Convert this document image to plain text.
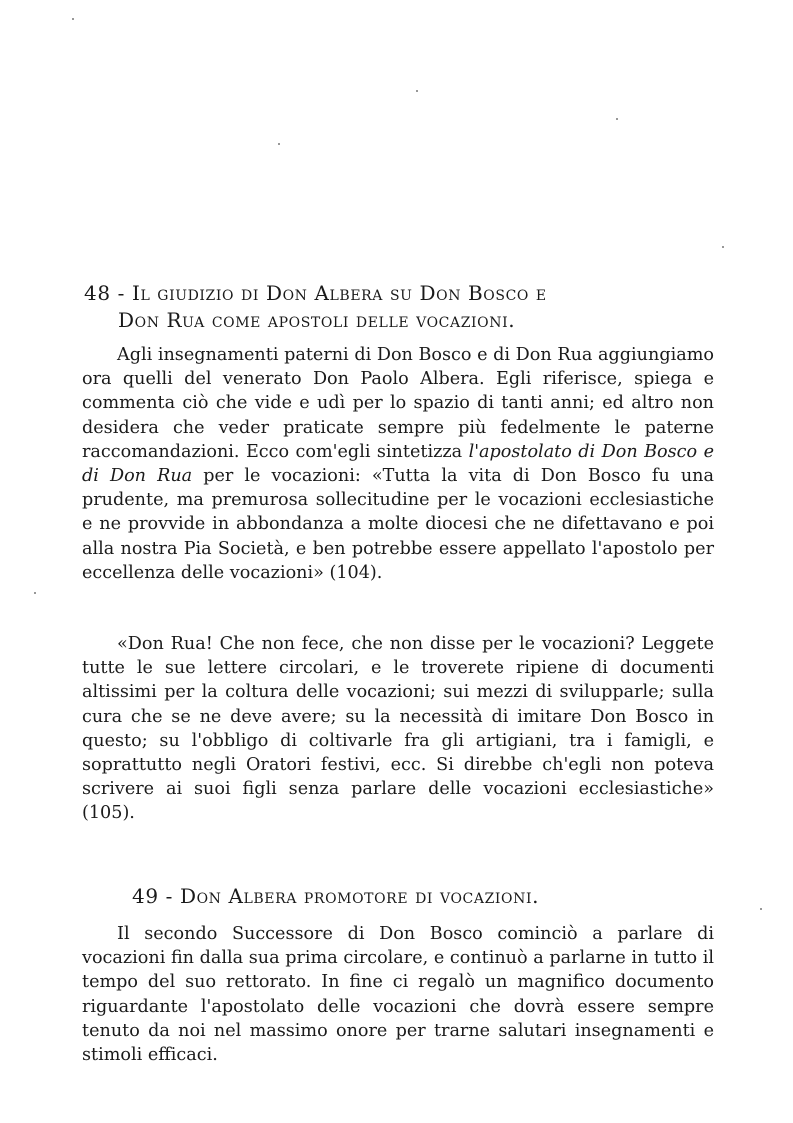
48 - Il giudizio di Don Albera su Don Bosco e
Don Rua come apostoli delle vocazioni.
Agli insegnamenti paterni di Don Bosco e di Don Rua aggiungiamo ora quelli del venerato Don Paolo Albera. Egli riferisce, spiega e commenta ciò che vide e udì per lo spazio di tanti anni; ed altro non desidera che veder praticate sempre più fedelmente le paterne raccomandazioni. Ecco com'egli sintetizza l'apostolato di Don Bosco e di Don Rua per le vocazioni: «Tutta la vita di Don Bosco fu una prudente, ma premurosa sollecitudine per le vocazioni ecclesiastiche e ne provvide in abbondanza a molte diocesi che ne difettavano e poi alla nostra Pia Società, e ben potrebbe essere appellato l'apostolo per eccellenza delle vocazioni» (104).
«Don Rua! Che non fece, che non disse per le vocazioni? Leggete tutte le sue lettere circolari, e le troverete ripiene di documenti altissimi per la coltura delle vocazioni; sui mezzi di svilupparle; sulla cura che se ne deve avere; su la necessità di imitare Don Bosco in questo; su l'obbligo di coltivarle fra gli artigiani, tra i famigli, e soprattutto negli Oratori festivi, ecc. Si direbbe ch'egli non poteva scrivere ai suoi figli senza parlare delle vocazioni ecclesiastiche» (105).
49 - Don Albera promotore di vocazioni.
Il secondo Successore di Don Bosco cominciò a parlare di vocazioni fin dalla sua prima circolare, e continuò a parlarne in tutto il tempo del suo rettorato. In fine ci regalò un magnifico documento riguardante l'apostolato delle vocazioni che dovrà essere sempre tenuto da noi nel massimo onore per trarne salutari insegnamenti e stimoli efficaci.
